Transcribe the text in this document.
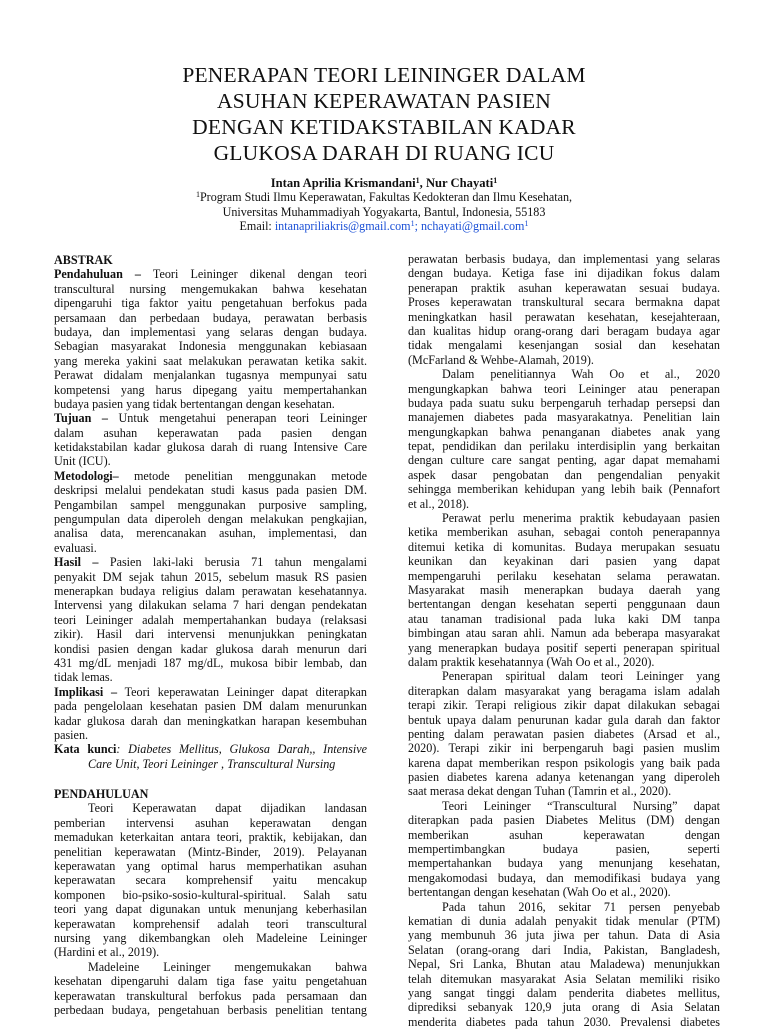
PENERAPAN TEORI LEININGER DALAM
ASUHAN KEPERAWATAN PASIEN
DENGAN KETIDAKSTABILAN KADAR
GLUKOSA DARAH DI RUANG ICU
Intan Aprilia Krismandani$^1$, Nur Chayati$^1$
$^1$Program Studi Ilmu Keperawatan, Fakultas Kedokteran dan Ilmu Kesehatan,
Universitas Muhammadiyah Yogyakarta, Bantul, Indonesia, 55183
Email: intanapriliakris@gmail.com$^1$; nchayati@gmail.com$^1$
ABSTRAK
Pendahuluan – Teori Leininger dikenal dengan teori
transcultural nursing mengemukakan bahwa kesehatan
dipengaruhi tiga faktor yaitu pengetahuan berfokus pada
persamaan dan perbedaan budaya, perawatan berbasis
budaya, dan implementasi yang selaras dengan budaya.
Sebagian masyarakat Indonesia menggunakan kebiasaan
yang mereka yakini saat melakukan perawatan ketika sakit.
Perawat didalam menjalankan tugasnya mempunyai satu
kompetensi yang harus dipegang yaitu mempertahankan
budaya pasien yang tidak bertentangan dengan kesehatan.
Tujuan – Untuk mengetahui penerapan teori Leininger
dalam asuhan keperawatan pada pasien dengan
ketidakstabilan kadar glukosa darah di ruang Intensive Care
Unit (ICU).
Metodologi– metode penelitian menggunakan metode
deskripsi melalui pendekatan studi kasus pada pasien DM.
Pengambilan sampel menggunakan purposive sampling,
pengumpulan data diperoleh dengan melakukan pengkajian,
analisa data, merencanakan asuhan, implementasi, dan
evaluasi.
Hasil – Pasien laki-laki berusia 71 tahun mengalami
penyakit DM sejak tahun 2015, sebelum masuk RS pasien
menerapkan budaya religius dalam perawatan kesehatannya.
Intervensi yang dilakukan selama 7 hari dengan pendekatan
teori Leininger adalah mempertahankan budaya (relaksasi
zikir). Hasil dari intervensi menunjukkan peningkatan
kondisi pasien dengan kadar glukosa darah menurun dari
431 mg/dL menjadi 187 mg/dL, mukosa bibir lembab, dan
tidak lemas.
Implikasi – Teori keperawatan Leininger dapat diterapkan
pada pengelolaan kesehatan pasien DM dalam menurunkan
kadar glukosa darah dan meningkatkan harapan kesembuhan
pasien.
Kata kunci: Diabetes Mellitus, Glukosa Darah,, Intensive
Care Unit, Teori Leininger , Transcultural Nursing
PENDAHULUAN
Teori Keperawatan dapat dijadikan landasan
pemberian intervensi asuhan keperawatan dengan
memadukan keterkaitan antara teori, praktik, kebijakan, dan
penelitian keperawatan (Mintz-Binder, 2019). Pelayanan
keperawatan yang optimal harus memperhatikan asuhan
keperawatan secara komprehensif yaitu mencakup
komponen bio-psiko-sosio-kultural-spiritual. Salah satu
teori yang dapat digunakan untuk menunjang keberhasilan
keperawatan komprehensif adalah teori transcultural
nursing yang dikembangkan oleh Madeleine Leininger
(Hardini et al., 2019).
Madeleine Leininger mengemukakan bahwa
kesehatan dipengaruhi dalam tiga fase yaitu pengetahuan
keperawatan transkultural berfokus pada persamaan dan
perbedaan budaya, pengetahuan berbasis penelitian tentang
perawatan berbasis budaya, dan implementasi yang selaras
dengan budaya. Ketiga fase ini dijadikan fokus dalam
penerapan praktik asuhan keperawatan sesuai budaya.
Proses keperawatan transkultural secara bermakna dapat
meningkatkan hasil perawatan kesehatan, kesejahteraan,
dan kualitas hidup orang-orang dari beragam budaya agar
tidak mengalami kesenjangan sosial dan kesehatan
(McFarland & Wehbe-Alamah, 2019).
Dalam penelitiannya Wah Oo et al., 2020
mengungkapkan bahwa teori Leininger atau penerapan
budaya pada suatu suku berpengaruh terhadap persepsi dan
manajemen diabetes pada masyarakatnya. Penelitian lain
mengungkapkan bahwa penanganan diabetes anak yang
tepat, pendidikan dan perilaku interdisiplin yang berkaitan
dengan culture care sangat penting, agar dapat memahami
aspek dasar pengobatan dan pengendalian penyakit
sehingga memberikan kehidupan yang lebih baik (Pennafort
et al., 2018).
Perawat perlu menerima praktik kebudayaan pasien
ketika memberikan asuhan, sebagai contoh penerapannya
ditemui ketika di komunitas. Budaya merupakan sesuatu
keunikan dan keyakinan dari pasien yang dapat
mempengaruhi perilaku kesehatan selama perawatan.
Masyarakat masih menerapkan budaya daerah yang
bertentangan dengan kesehatan seperti penggunaan daun
atau tanaman tradisional pada luka kaki DM tanpa
bimbingan atau saran ahli. Namun ada beberapa masyarakat
yang menerapkan budaya positif seperti penerapan spiritual
dalam praktik kesehatannya (Wah Oo et al., 2020).
Penerapan spiritual dalam teori Leininger yang
diterapkan dalam masyarakat yang beragama islam adalah
terapi zikir. Terapi religious zikir dapat dilakukan sebagai
bentuk upaya dalam penurunan kadar gula darah dan faktor
penting dalam perawatan pasien diabetes (Arsad et al.,
2020). Terapi zikir ini berpengaruh bagi pasien muslim
karena dapat memberikan respon psikologis yang baik pada
pasien diabetes karena adanya ketenangan yang diperoleh
saat merasa dekat dengan Tuhan (Tamrin et al., 2020).
Teori Leininger “Transcultural Nursing” dapat
diterapkan pada pasien Diabetes Melitus (DM) dengan
memberikan asuhan keperawatan dengan
mempertimbangkan budaya pasien, seperti
mempertahankan budaya yang menunjang kesehatan,
mengakomodasi budaya, dan memodifikasi budaya yang
bertentangan dengan kesehatan (Wah Oo et al., 2020).
Pada tahun 2016, sekitar 71 persen penyebab
kematian di dunia adalah penyakit tidak menular (PTM)
yang membunuh 36 juta jiwa per tahun. Data di Asia
Selatan (orang-orang dari India, Pakistan, Bangladesh,
Nepal, Sri Lanka, Bhutan atau Maladewa) menunjukkan
telah ditemukan masyarakat Asia Selatan memiliki risiko
yang sangat tinggi dalam penderita diabetes mellitus,
diprediksi sebanyak 120,9 juta orang di Asia Selatan
menderita diabetes pada tahun 2030. Prevalensi diabetes
